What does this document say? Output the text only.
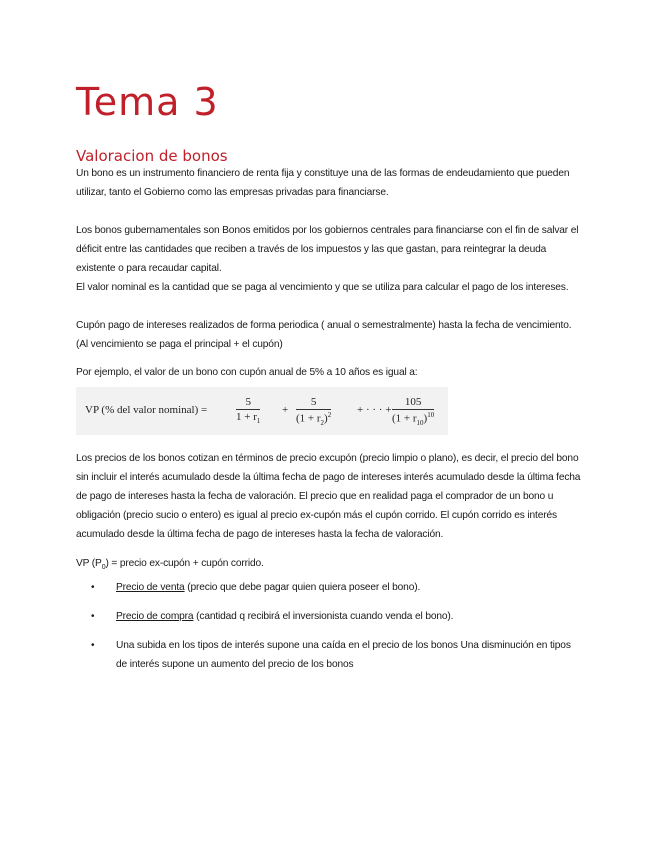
Tema 3
Valoracion de bonos

Un bono es un instrumento financiero de renta fija y constituye una de las formas de endeudamiento que pueden utilizar, tanto el Gobierno como las empresas privadas para financiarse.

Los bonos gubernamentales son Bonos emitidos por los gobiernos centrales para financiarse con el fin de salvar el déficit entre las cantidades que reciben a través de los impuestos y las que gastan, para reintegrar la deuda existente o para recaudar capital.

El valor nominal es la cantidad que se paga al vencimiento y que se utiliza para calcular el pago de los intereses.

Cupón pago de intereses realizados de forma periodica ( anual o semestralmente) hasta la fecha de vencimiento. (Al vencimiento se paga el principal + el cupón)

Por ejemplo, el valor de un bono con cupón anual de 5% a 10 años es igual a:

VP (% del valor nominal) =	$\frac{5}{1 + r_1} + \frac{5}{(1 + r_2)^2}$ + · · · + $\frac{105}{(1 + r_{10})^{10}}$

Los precios de los bonos cotizan en términos de precio excupón (precio limpio o plano), es decir, el precio del bono sin incluir el interés acumulado desde la última fecha de pago de intereses interés acumulado desde la última fecha de pago de intereses hasta la fecha de valoración. El precio que en realidad paga el comprador de un bono u obligación (precio sucio o entero) es igual al precio ex-cupón más el cupón corrido. El cupón corrido es interés acumulado desde la última fecha de pago de intereses hasta la fecha de valoración.

VP $(P_0)$ = precio ex-cupón + cupón corrido.

• Precio de venta (precio que debe pagar quien quiera poseer el bono).
• Precio de compra (cantidad q recibirá el inversionista cuando venda el bono).
• Una subida en los tipos de interés supone una caída en el precio de los bonos Una disminución en tipos de interés supone un aumento del precio de los bonos
